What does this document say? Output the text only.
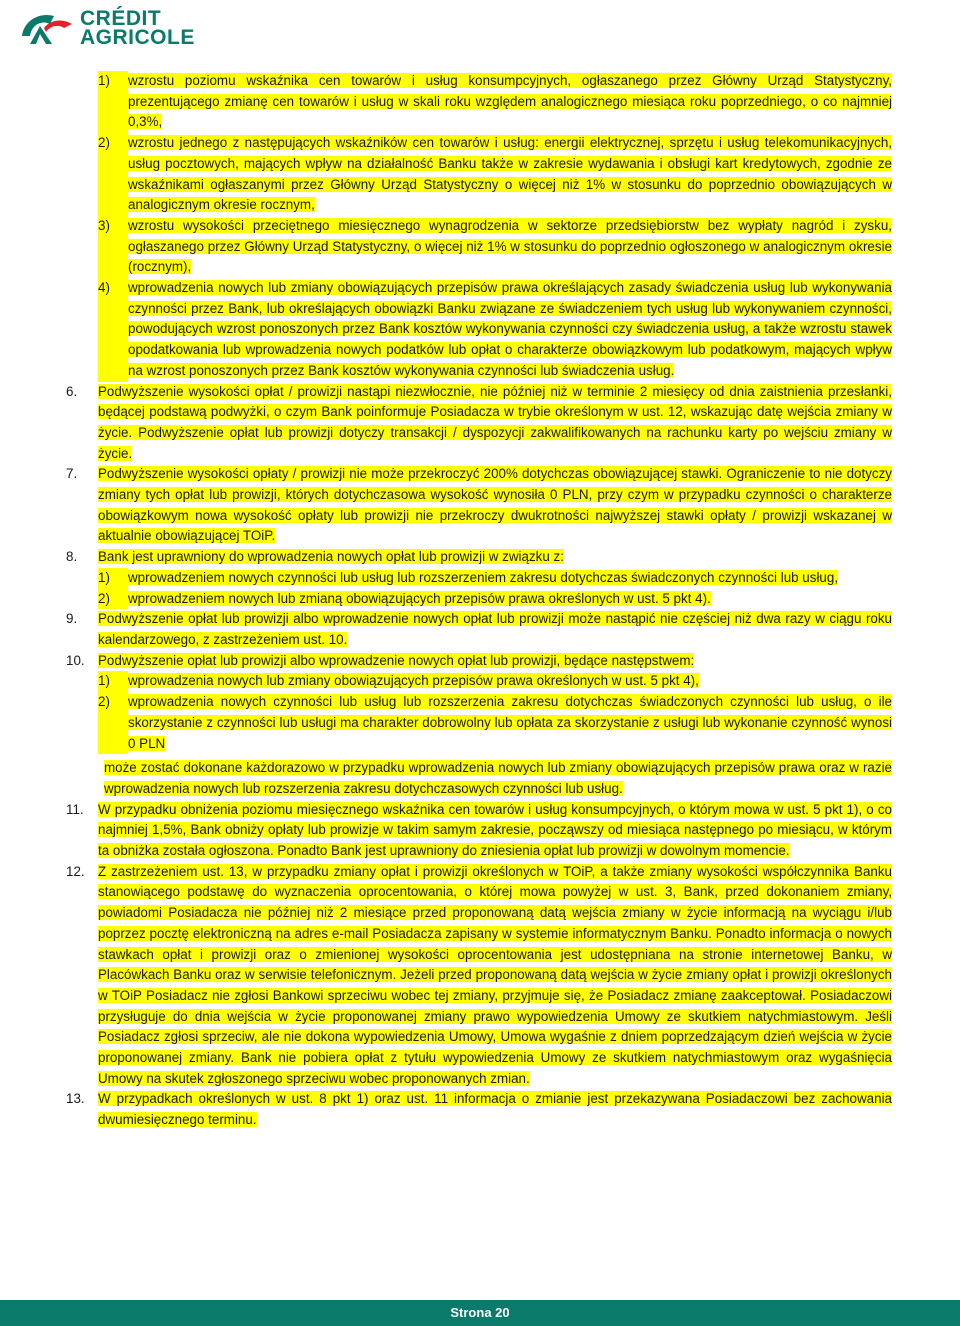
CRÉDIT
AGRICOLE
1)	wzrostu poziomu wskaźnika cen towarów i usług konsumpcyjnych, ogłaszanego przez Główny Urząd Statystyczny, prezentującego zmianę cen towarów i usług w skali roku względem analogicznego miesiąca roku poprzedniego, o co najmniej 0,3%,
2)	wzrostu jednego z następujących wskaźników cen towarów i usług: energii elektrycznej, sprzętu i usług telekomunikacyjnych, usług pocztowych, mających wpływ na działalność Banku także w zakresie wydawania i obsługi kart kredytowych, zgodnie ze wskaźnikami ogłaszanymi przez Główny Urząd Statystyczny o więcej niż 1% w stosunku do poprzednio obowiązujących w analogicznym okresie rocznym,
3)	wzrostu wysokości przeciętnego miesięcznego wynagrodzenia w sektorze przedsiębiorstw bez wypłaty nagród i zysku, ogłaszanego przez Główny Urząd Statystyczny, o więcej niż 1% w stosunku do poprzednio ogłoszonego w analogicznym okresie (rocznym),
4)	wprowadzenia nowych lub zmiany obowiązujących przepisów prawa określających zasady świadczenia usług lub wykonywania czynności przez Bank, lub określających obowiązki Banku związane ze świadczeniem tych usług lub wykonywaniem czynności, powodujących wzrost ponoszonych przez Bank kosztów wykonywania czynności czy świadczenia usług, a także wzrostu stawek opodatkowania lub wprowadzenia nowych podatków lub opłat o charakterze obowiązkowym lub podatkowym, mających wpływ na wzrost ponoszonych przez Bank kosztów wykonywania czynności lub świadczenia usług.
6.	Podwyższenie wysokości opłat / prowizji nastąpi niezwłocznie, nie później niż w terminie 2 miesięcy od dnia zaistnienia przesłanki, będącej podstawą podwyżki, o czym Bank poinformuje Posiadacza w trybie określonym w ust. 12, wskazując datę wejścia zmiany w życie. Podwyższenie opłat lub prowizji dotyczy transakcji / dyspozycji zakwalifikowanych na rachunku karty po wejściu zmiany w życie.
7.	Podwyższenie wysokości opłaty / prowizji nie może przekroczyć 200% dotychczas obowiązującej stawki. Ograniczenie to nie dotyczy zmiany tych opłat lub prowizji, których dotychczasowa wysokość wynosiła 0 PLN, przy czym w przypadku czynności o charakterze obowiązkowym nowa wysokość opłaty lub prowizji nie przekroczy dwukrotności najwyższej stawki opłaty / prowizji wskazanej w aktualnie obowiązującej TOiP.
8.	Bank jest uprawniony do wprowadzenia nowych opłat lub prowizji w związku z:
1)	wprowadzeniem nowych czynności lub usług lub rozszerzeniem zakresu dotychczas świadczonych czynności lub usług,
2)	wprowadzeniem nowych lub zmianą obowiązujących przepisów prawa określonych w ust. 5 pkt 4).
9.	Podwyższenie opłat lub prowizji albo wprowadzenie nowych opłat lub prowizji może nastąpić nie częściej niż dwa razy w ciągu roku kalendarzowego, z zastrzeżeniem ust. 10.
10. Podwyższenie opłat lub prowizji albo wprowadzenie nowych opłat lub prowizji, będące następstwem:
1)	wprowadzenia nowych lub zmiany obowiązujących przepisów prawa określonych w ust. 5 pkt 4),
2)	wprowadzenia nowych czynności lub usług lub rozszerzenia zakresu dotychczas świadczonych czynności lub usług, o ile skorzystanie z czynności lub usługi ma charakter dobrowolny lub opłata za skorzystanie z usługi lub wykonanie czynność wynosi 0 PLN
może zostać dokonane każdorazowo w przypadku wprowadzenia nowych lub zmiany obowiązujących przepisów prawa oraz w razie wprowadzenia nowych lub rozszerzenia zakresu dotychczasowych czynności lub usług.
11.	W przypadku obniżenia poziomu miesięcznego wskaźnika cen towarów i usług konsumpcyjnych, o którym mowa w ust. 5 pkt 1), o co najmniej 1,5%, Bank obniży opłaty lub prowizje w takim samym zakresie, począwszy od miesiąca następnego po miesiącu, w którym ta obniżka została ogłoszona. Ponadto Bank jest uprawniony do zniesienia opłat lub prowizji w dowolnym momencie.
12. Z zastrzeżeniem ust. 13, w przypadku zmiany opłat i prowizji określonych w TOiP, a także zmiany wysokości współczynnika Banku stanowiącego podstawę do wyznaczenia oprocentowania, o której mowa powyżej w ust. 3, Bank, przed dokonaniem zmiany, powiadomi Posiadacza nie później niż 2 miesiące przed proponowaną datą wejścia zmiany w życie informacją na wyciągu i/lub poprzez pocztę elektroniczną na adres e-mail Posiadacza zapisany w systemie informatycznym Banku. Ponadto informacja o nowych stawkach opłat i prowizji oraz o zmienionej wysokości oprocentowania jest udostępniana na stronie internetowej Banku, w Placówkach Banku oraz w serwisie telefonicznym. Jeżeli przed proponowaną datą wejścia w życie zmiany opłat i prowizji określonych w TOiP Posiadacz nie zgłosi Bankowi sprzeciwu wobec tej zmiany, przyjmuje się, że Posiadacz zmianę zaakceptował. Posiadaczowi przysługuje do dnia wejścia w życie proponowanej zmiany prawo wypowiedzenia Umowy ze skutkiem natychmiastowym. Jeśli Posiadacz zgłosi sprzeciw, ale nie dokona wypowiedzenia Umowy, Umowa wygaśnie z dniem poprzedzającym dzień wejścia w życie proponowanej zmiany. Bank nie pobiera opłat z tytułu wypowiedzenia Umowy ze skutkiem natychmiastowym oraz wygaśnięcia Umowy na skutek zgłoszonego sprzeciwu wobec proponowanych zmian.
13. W przypadkach określonych w ust. 8 pkt 1) oraz ust. 11 informacja o zmianie jest przekazywana Posiadaczowi bez zachowania dwumiesięcznego terminu.
Strona 20
